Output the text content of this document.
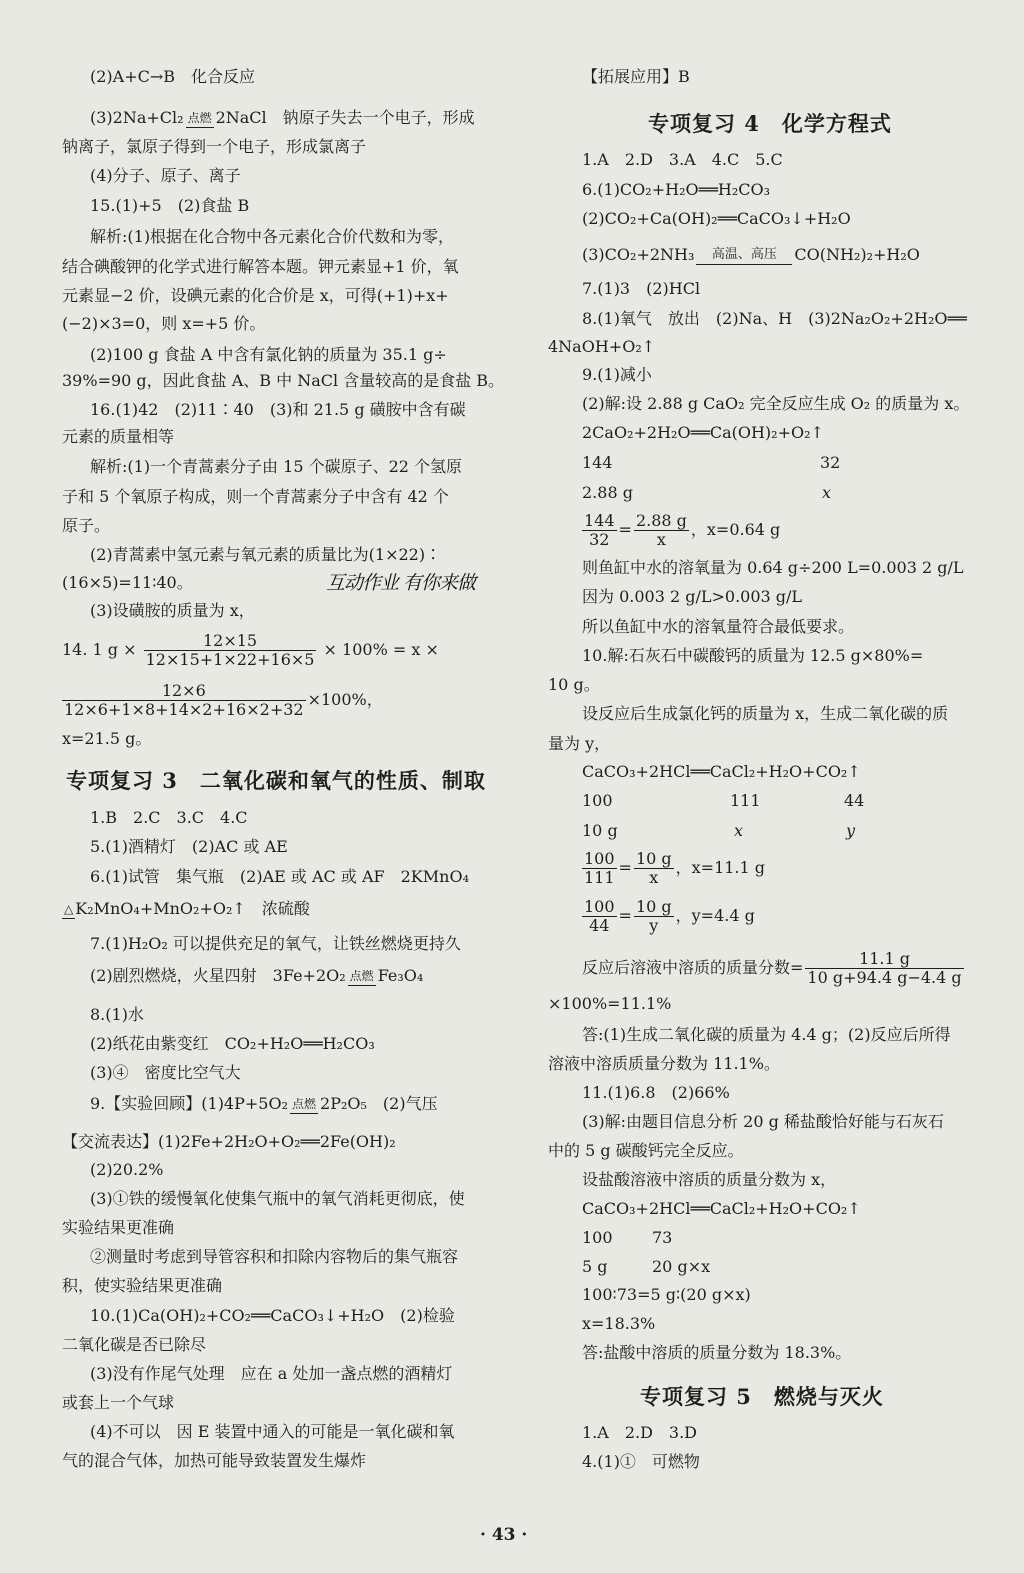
(2)A+C→B　化合反应
(3)2Na+Cl₂ 点燃 2NaCl　钠原子失去一个电子，形成
钠离子，氯原子得到一个电子，形成氯离子
(4)分子、原子、离子
15.(1)+5　(2)食盐 B
解析:(1)根据在化合物中各元素化合价代数和为零，
结合碘酸钾的化学式进行解答本题。钾元素显+1 价，氧
元素显−2 价，设碘元素的化合价是 x，可得(+1)+x+
(−2)×3=0，则 x=+5 价。
(2)100 g 食盐 A 中含有氯化钠的质量为 35.1 g÷
39%=90 g，因此食盐 A、B 中 NaCl 含量较高的是食盐 B。
16.(1)42　(2)11∶40　(3)和 21.5 g 磺胺中含有碳
元素的质量相等
解析:(1)一个青蒿素分子由 15 个碳原子、22 个氢原
子和 5 个氧原子构成，则一个青蒿素分子中含有 42 个
原子。
(2)青蒿素中氢元素与氧元素的质量比为(1×22)∶
(16×5)=11∶40。
(3)设磺胺的质量为 x，
14. 1 $g \times \frac{12\times 15}{12\times 15+1\times 22+16\times 5} \times 100\% = x$ ×
$\frac{12\times 6}{12\times 6+1\times 8+14\times 2+16\times 2+32} \times 100\%$，
x=21.5 g。
专项复习 3　二氧化碳和氧气的性质、制取
1.B　2.C　3.C　4.C
5.(1)酒精灯　(2)AC 或 AE
6.(1)试管　集气瓶　(2)AE 或 AC 或 AF　2KMnO₄
△ K₂MnO₄+MnO₂+O₂↑　浓硫酸
7.(1)H₂O₂ 可以提供充足的氧气，让铁丝燃烧更持久
(2)剧烈燃烧，火星四射　3Fe+2O₂ 点燃 Fe₃O₄
8.(1)水
(2)纸花由紫变红　CO₂+H₂O══H₂CO₃
(3)④　密度比空气大
9.【实验回顾】(1)4P+5O₂ 点燃 2P₂O₅　(2)气压
【交流表达】(1)2Fe+2H₂O+O₂══2Fe(OH)₂
(2)20.2%
(3)①铁的缓慢氧化使集气瓶中的氧气消耗更彻底，使
实验结果更准确
②测量时考虑到导管容积和扣除内容物后的集气瓶容
积，使实验结果更准确
10.(1)Ca(OH)₂+CO₂══CaCO₃↓+H₂O　(2)检验
二氧化碳是否已除尽
(3)没有作尾气处理　应在 a 处加一盏点燃的酒精灯
或套上一个气球
(4)不可以　因 E 装置中通入的可能是一氧化碳和氧
气的混合气体，加热可能导致装置发生爆炸
互动作业 有你来做
【拓展应用】B
专项复习 4　化学方程式
1.A　2.D　3.A　4.C　5.C
6.(1)CO₂+H₂O══H₂CO₃
(2)CO₂+Ca(OH)₂══CaCO₃↓+H₂O
(3)CO₂+2NH₃	高温、高压	CO(NH₂)₂+H₂O
7.(1)3　(2)HCl
8.(1)氧气　放出　(2)Na、H　(3)2Na₂O₂+2H₂O══
4NaOH+O₂↑
9.(1)减小
(2)解:设 2.88 g CaO₂ 完全反应生成 O₂ 的质量为 x。
2CaO₂+2H₂O══Ca(OH)₂+O₂↑
144	32
2.88 g	x
$\frac{144}{32} = \frac{2.88 g}{x}$ ，x=0.64 g
则鱼缸中水的溶氧量为 0.64 g÷200 L=0.003 2 g/L
因为 0.003 2 g/L>0.003 g/L
所以鱼缸中水的溶氧量符合最低要求。
10.解:石灰石中碳酸钙的质量为 12.5 g×80%=
10 g。
设反应后生成氯化钙的质量为 x，生成二氧化碳的质
量为 y，
CaCO₃+2HCl══CaCl₂+H₂O+CO₂↑
100	111	44
10 g	x	y
$\frac{100}{111} = \frac{10 g}{x}$ ，x=11.1 g
$\frac{100}{44} = \frac{10 g}{y}$ ，y=4.4 g
反应后溶液中溶质的质量分数= $\frac{11.1 g}{10 g+94.4 g-4.4 g}$
×100%=11.1%
答:(1)生成二氧化碳的质量为 4.4 g；(2)反应后所得
溶液中溶质质量分数为 11.1%。
11.(1)6.8　(2)66%
(3)解:由题目信息分析 20 g 稀盐酸恰好能与石灰石
中的 5 g 碳酸钙完全反应。
设盐酸溶液中溶质的质量分数为 x，
CaCO₃+2HCl══CaCl₂+H₂O+CO₂↑
100 73
5 g	20 g×x
100∶73=5 g∶(20 g×x)
x=18.3%
答:盐酸中溶质的质量分数为 18.3%。
专项复习 5　燃烧与灭火
1.A　2.D　3.D
4.(1)①　可燃物
· 43 ·
